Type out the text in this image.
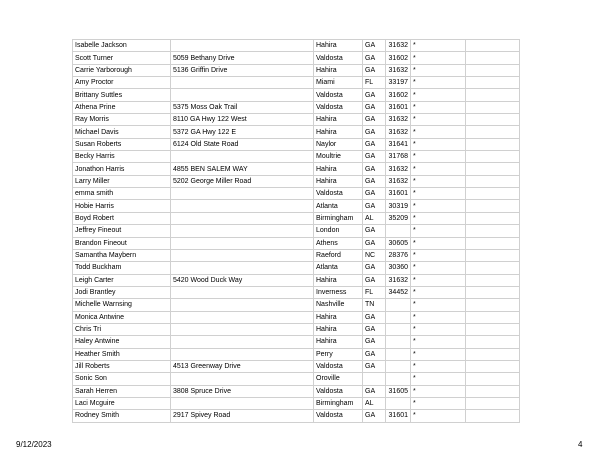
Isabelle Jackson		Hahira	GA	31632	*	
Scott Turner	5059 Bethany Drive	Valdosta	GA	31602	*	
Carrie Yarborough	5136 Griffin Drive	Hahira	GA	31632	*	
Amy Proctor		Miami	FL	33197	*	
Brittany Suttles		Valdosta	GA	31602	*	
Athena Prine	5375 Moss Oak Trail	Valdosta	GA	31601	*	
Ray Morris	8110 GA Hwy 122 West	Hahira	GA	31632	*	
Michael Davis	5372 GA Hwy 122 E	Hahira	GA	31632	*	
Susan Roberts	6124 Old State Road	Naylor	GA	31641	*	
Becky Harris		Moultrie	GA	31768	*	
Jonathon Harris	4855 BEN SALEM WAY	Hahira	GA	31632	*	
Larry Miller	5202 George Miller Road	Hahira	GA	31632	*	
emma smith		Valdosta	GA	31601	*	
Hobie Harris		Atlanta	GA	30319	*	
Boyd Robert		Birmingham	AL	35209	*	
Jeffrey Fineout		London	GA		*	
Brandon Fineout		Athens	GA	30605	*	
Samantha Maybern		Raeford	NC	28376	*	
Todd Buckham		Atlanta	GA	30360	*	
Leigh Carter	5420 Wood Duck Way	Hahira	GA	31632	*	
Jodi Brantley		Inverness	FL	34452	*	
Michelle Warnsing		Nashville	TN		*	
Monica Antwine		Hahira	GA		*	
Chris Tri		Hahira	GA		*	
Haley Antwine		Hahira	GA		*	
Heather Smith		Perry	GA		*	
Jill Roberts	4513 Greenway Drive	Valdosta	GA		*	
Sonic Son		Oroville			*	
Sarah Herren	3808 Spruce Drive	Valdosta	GA	31605	*	
Laci Mcguire		Birmingham	AL		*	
Rodney Smith	2917 Spivey Road	Valdosta	GA	31601	*	
9/12/2023	4
